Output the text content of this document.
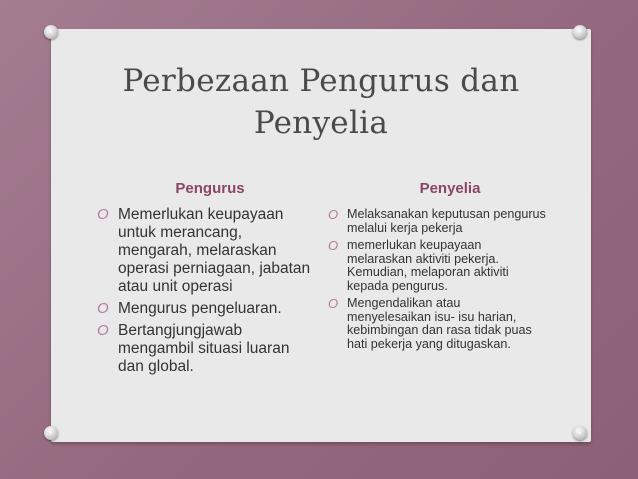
Perbezaan Pengurus dan Penyelia
Pengurus	Penyelia
O Memerlukan keupayaan untuk merancang, mengarah, melaraskan operasi perniagaan, jabatan atau unit operasi
O Mengurus pengeluaran.
O Bertangjungjawab mengambil situasi luaran dan global.
O Melaksanakan keputusan pengurus melalui kerja pekerja
O memerlukan keupayaan melaraskan aktiviti pekerja. Kemudian, melaporan aktiviti kepada pengurus.
O Mengendalikan atau menyelesaikan isu- isu harian, kebimbingan dan rasa tidak puas hati pekerja yang ditugaskan.
